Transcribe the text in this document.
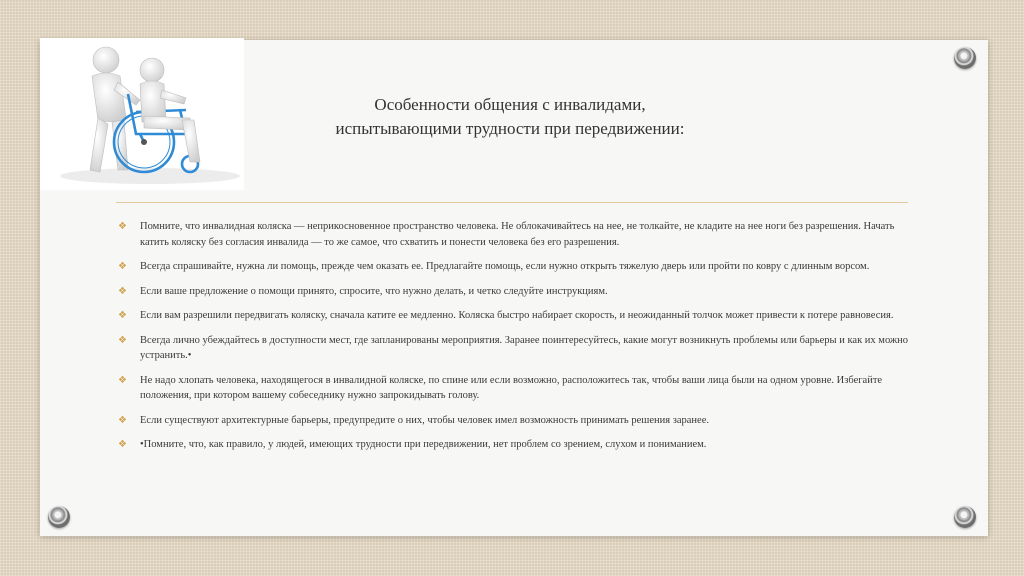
Особенности общения с инвалидами,
испытывающими трудности при передвижении:
❖ Помните, что инвалидная коляска — неприкосновенное пространство человека. Не облокачивайтесь на нее, не толкайте, не кладите на нее ноги без разрешения. Начать катить коляску без согласия инвалида — то же самое, что схватить и понести человека без его разрешения.
❖ Всегда спрашивайте, нужна ли помощь, прежде чем оказать ее. Предлагайте помощь, если нужно открыть тяжелую дверь или пройти по ковру с длинным ворсом.
❖ Если ваше предложение о помощи принято, спросите, что нужно делать, и четко следуйте инструкциям.
❖ Если вам разрешили передвигать коляску, сначала катите ее медленно. Коляска быстро набирает скорость, и неожиданный толчок может привести к потере равновесия.
❖ Всегда лично убеждайтесь в доступности мест, где запланированы мероприятия. Заранее поинтересуйтесь, какие могут возникнуть проблемы или барьеры и как их можно устранить.•
❖ Не надо хлопать человека, находящегося в инвалидной коляске, по спине или если возможно, расположитесь так, чтобы ваши лица были на одном уровне. Избегайте положения, при котором вашему собеседнику нужно запрокидывать голову.
❖ Если существуют архитектурные барьеры, предупредите о них, чтобы человек имел возможность принимать решения заранее.
❖ •Помните, что, как правило, у людей, имеющих трудности при передвижении, нет проблем со зрением, слухом и пониманием.
